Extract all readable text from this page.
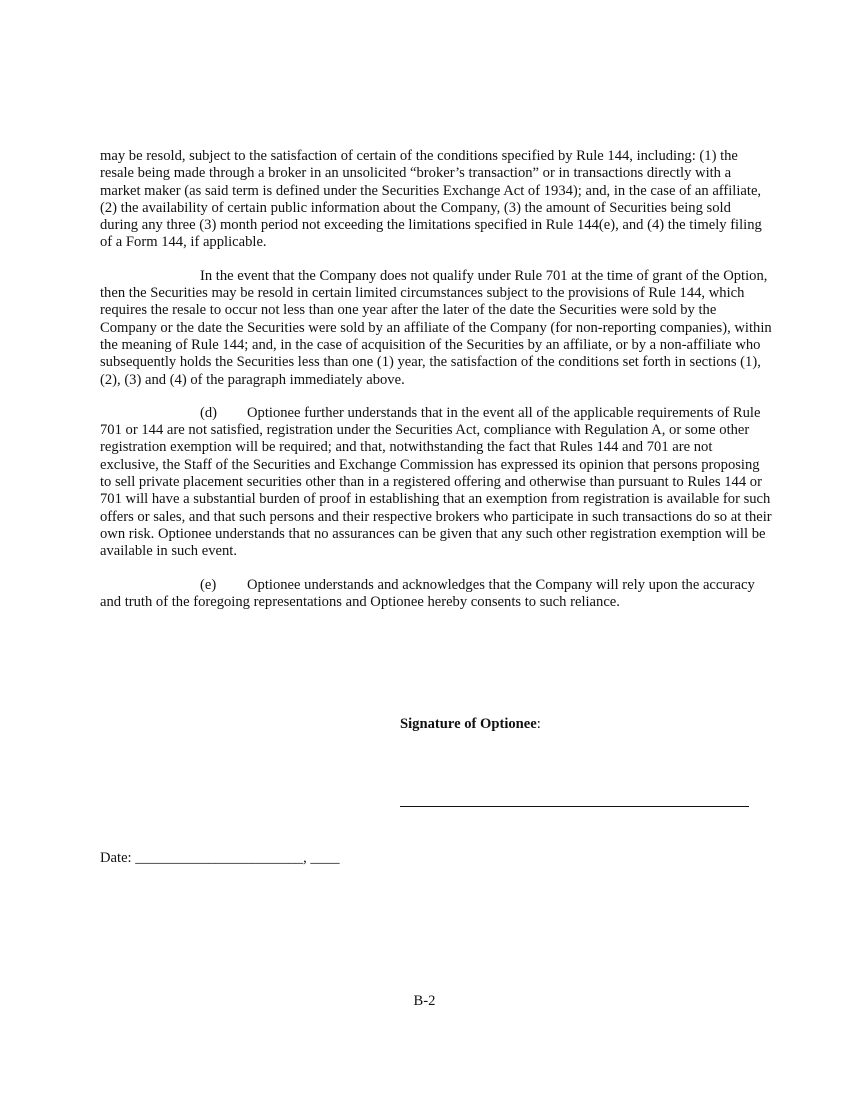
may be resold, subject to the satisfaction of certain of the conditions specified by Rule 144, including: (1) the resale being made through a broker in an unsolicited “broker’s transaction” or in transactions directly with a market maker (as said term is defined under the Securities Exchange Act of 1934); and, in the case of an affiliate, (2) the availability of certain public information about the Company, (3) the amount of Securities being sold during any three (3) month period not exceeding the limitations specified in Rule 144(e), and (4) the timely filing of a Form 144, if applicable.

In the event that the Company does not qualify under Rule 701 at the time of grant of the Option, then the Securities may be resold in certain limited circumstances subject to the provisions of Rule 144, which requires the resale to occur not less than one year after the later of the date the Securities were sold by the Company or the date the Securities were sold by an affiliate of the Company (for non-reporting companies), within the meaning of Rule 144; and, in the case of acquisition of the Securities by an affiliate, or by a non-affiliate who subsequently holds the Securities less than one (1) year, the satisfaction of the conditions set forth in sections (1), (2), (3) and (4) of the paragraph immediately above.

(d) Optionee further understands that in the event all of the applicable requirements of Rule 701 or 144 are not satisfied, registration under the Securities Act, compliance with Regulation A, or some other registration exemption will be required; and that, notwithstanding the fact that Rules 144 and 701 are not exclusive, the Staff of the Securities and Exchange Commission has expressed its opinion that persons proposing to sell private placement securities other than in a registered offering and otherwise than pursuant to Rules 144 or 701 will have a substantial burden of proof in establishing that an exemption from registration is available for such offers or sales, and that such persons and their respective brokers who participate in such transactions do so at their own risk. Optionee understands that no assurances can be given that any such other registration exemption will be available in such event.

(e) Optionee understands and acknowledges that the Company will rely upon the accuracy and truth of the foregoing representations and Optionee hereby consents to such reliance.

Signature of Optionee:
Date: _______________________, ____
B-2
